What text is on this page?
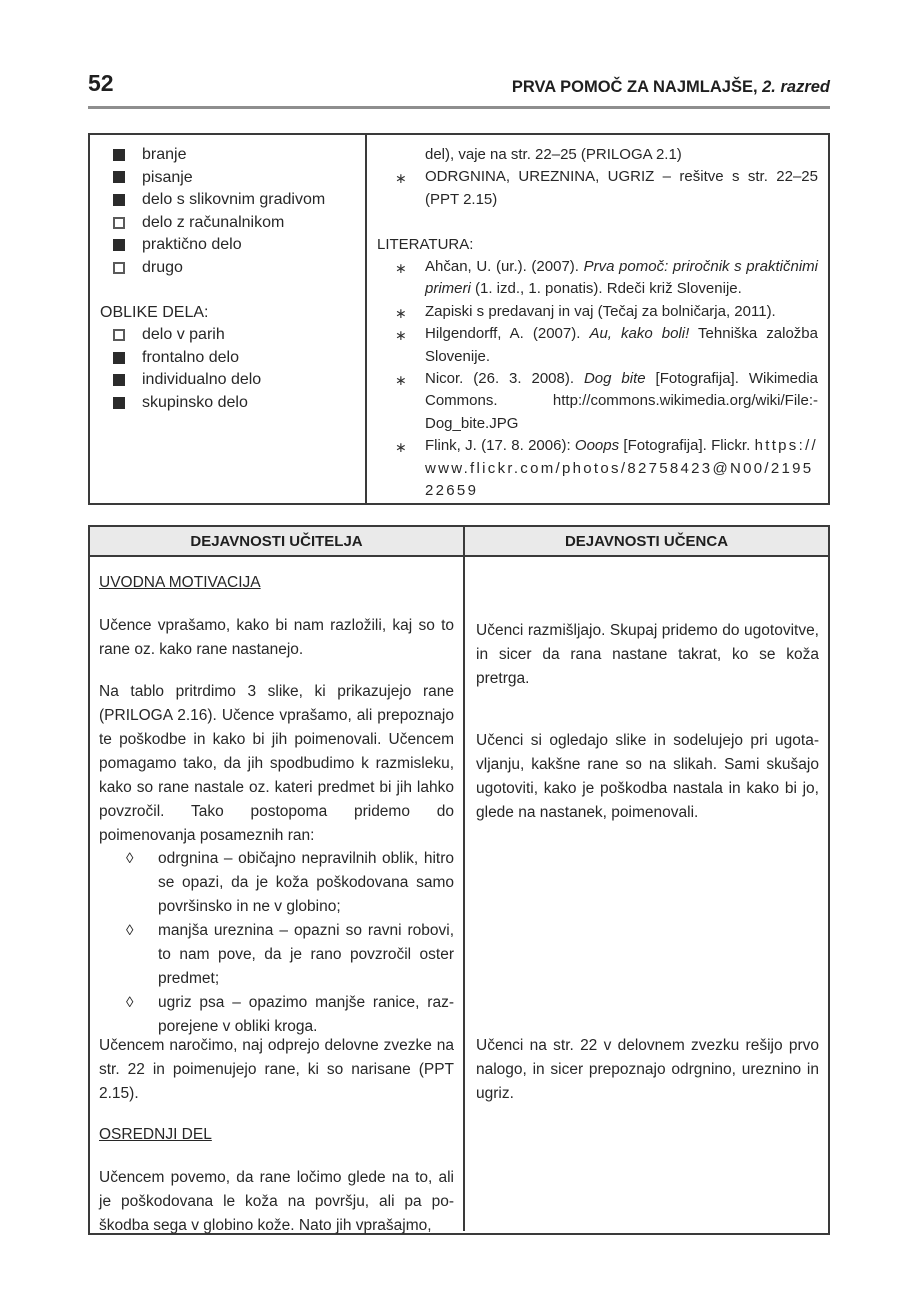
52	PRVA POMOČ ZA NAJMLAJŠE, 2. razred
branje
pisanje
delo s slikovnim gradivom
delo z računalnikom
praktično delo
drugo
OBLIKE DELA:
delo v parih
frontalno delo
individualno delo
skupinsko delo
del), vaje na str. 22–25 (PRILOGA 2.1)
∗ ODRGNINA, UREZNINA, UGRIZ – rešitve s str. 22–25 (PPT 2.15)
LITERATURA:
∗ Ahčan, U. (ur.). (2007). Prva pomoč: priročnik s praktičnimi primeri (1. izd., 1. ponatis). Rdeči križ Slovenije.
∗ Zapiski s predavanj in vaj (Tečaj za bolničarja, 2011).
∗ Hilgendorff, A. (2007). Au, kako boli! Tehniška založba Slovenije.
∗ Nicor. (26. 3. 2008). Dog bite [Fotografija]. Wikimedia Commons. http://commons.wikimedia.org/wiki/File:-​Dog_bite.JPG
∗ Flink, J. (17. 8. 2006): Ooops [Fotografija]. Flickr. https://www.flickr.com/photos/82758423@N00/219522659
DEJAVNOSTI UČITELJA	DEJAVNOSTI UČENCA
UVODNA MOTIVACIJA
Učence vprašamo, kako bi nam razložili, kaj so to rane oz. kako rane nastanejo.
Na tablo pritrdimo 3 slike, ki prikazujejo rane (PRILOGA 2.16). Učence vprašamo, ali prepoznajo te poškodbe in kako bi jih poimenovali. Učencem pomagamo tako, da jih spodbudimo k razmisleku, kako so rane nastale oz. kateri predmet bi jih lahko povzročil. Tako postopoma pridemo do poimenovanja posameznih ran:
◊ odrgnina – običajno nepravilnih oblik, hitro se opazi, da je koža poškodovana samo površinsko in ne v globino;
◊ manjša ureznina – opazni so ravni robovi, to nam pove, da je rano povzročil oster predmet;
◊ ugriz psa – opazimo manjše ranice, razporejene v obliki kroga.
Učencem naročimo, naj odprejo delovne zvezke na str. 22 in poimenujejo rane, ki so narisane (PPT 2.15).
OSREDNJI DEL
Učencem povemo, da rane ločimo glede na to, ali je poškodovana le koža na površju, ali pa poškodba sega v globino kože. Nato jih vprašajmo,
Učenci razmišljajo. Skupaj pridemo do ugotovitve, in sicer da rana nastane takrat, ko se koža pretrga.
Učenci si ogledajo slike in sodelujejo pri ugotavljanju, kakšne rane so na slikah. Sami skušajo ugotoviti, kako je poškodba nastala in kako bi jo, glede na nastanek, poimenovali.
Učenci na str. 22 v delovnem zvezku rešijo prvo nalogo, in sicer prepoznajo odrgnino, ureznino in ugriz.
